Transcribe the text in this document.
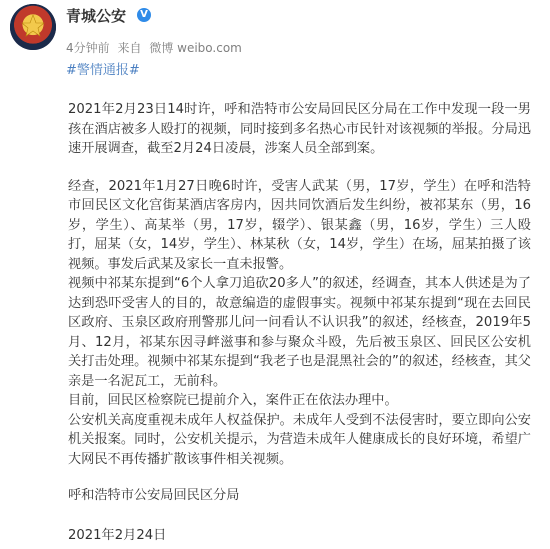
青城公安	V
4分钟前 来自 微博 weibo.com
#警情通报#

2021年2月23日14时许，呼和浩特市公安局回民区分局在工作中发现一段一男孩在酒店被多人殴打的视频，同时接到多名热心市民针对该视频的举报。分局迅速开展调查，截至2月24日凌晨，涉案人员全部到案。

经查，2021年1月27日晚6时许，受害人武某（男，17岁，学生）在呼和浩特市回民区文化宫街某酒店客房内，因共同饮酒后发生纠纷，被祁某东（男，16岁，学生）、高某举（男，17岁，辍学）、银某鑫（男，16岁，学生）三人殴打，屈某（女，14岁，学生）、林某秋（女，14岁，学生）在场，屈某拍摄了该视频。事发后武某及家长一直未报警。

视频中祁某东提到“6个人拿刀追砍20多人”的叙述，经调查，其本人供述是为了达到恐吓受害人的目的，故意编造的虚假事实。视频中祁某东提到“现在去回民区政府、玉泉区政府刑警那儿问一问看认不认识我”的叙述，经核查，2019年5月、12月，祁某东因寻衅滋事和参与聚众斗殴，先后被玉泉区、回民区公安机关打击处理。视频中祁某东提到“我老子也是混黑社会的”的叙述，经核查，其父亲是一名泥瓦工，无前科。

目前，回民区检察院已提前介入，案件正在依法办理中。

公安机关高度重视未成年人权益保护。未成年人受到不法侵害时，要立即向公安机关报案。同时，公安机关提示，为营造未成年人健康成长的良好环境，希望广大网民不再传播扩散该事件相关视频。

呼和浩特市公安局回民区分局
2021年2月24日
